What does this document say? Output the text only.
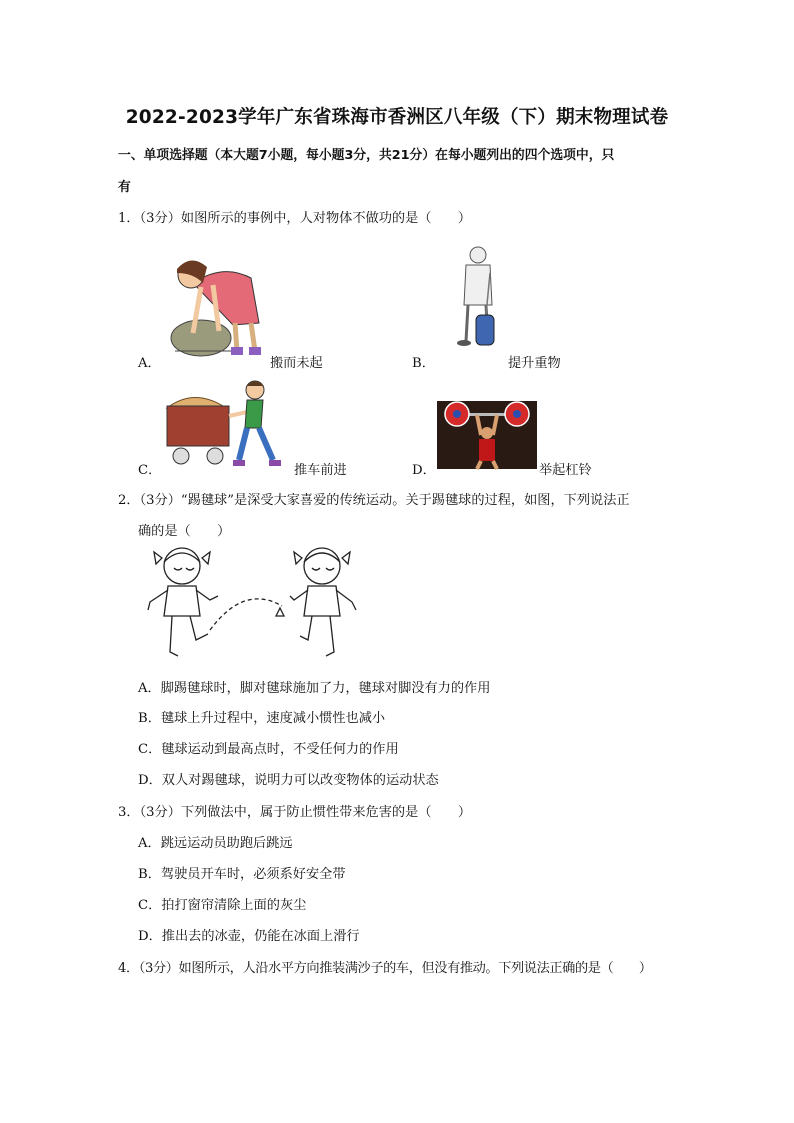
2022-2023学年广东省珠海市香洲区八年级（下）期末物理试卷
一、单项选择题（本大题7小题，每小题3分，共21分）在每小题列出的四个选项中，只
有
1．（3分）如图所示的事例中，人对物体不做功的是（　　）
A．	搬而未起	B．	提升重物
C．	推车前进	D．	举起杠铃
2．（3分）“踢毽球”是深受大家喜爱的传统运动。关于踢毽球的过程，如图，下列说法正
确的是（　　）
A．脚踢毽球时，脚对毽球施加了力，毽球对脚没有力的作用
B．毽球上升过程中，速度减小惯性也减小
C．毽球运动到最高点时，不受任何力的作用
D．双人对踢毽球，说明力可以改变物体的运动状态
3．（3分）下列做法中，属于防止惯性带来危害的是（　　）
A．跳远运动员助跑后跳远
B．驾驶员开车时，必须系好安全带
C．拍打窗帘清除上面的灰尘
D．推出去的冰壶，仍能在冰面上滑行
4．（3分）如图所示，人沿水平方向推装满沙子的车，但没有推动。下列说法正确的是（　　）
